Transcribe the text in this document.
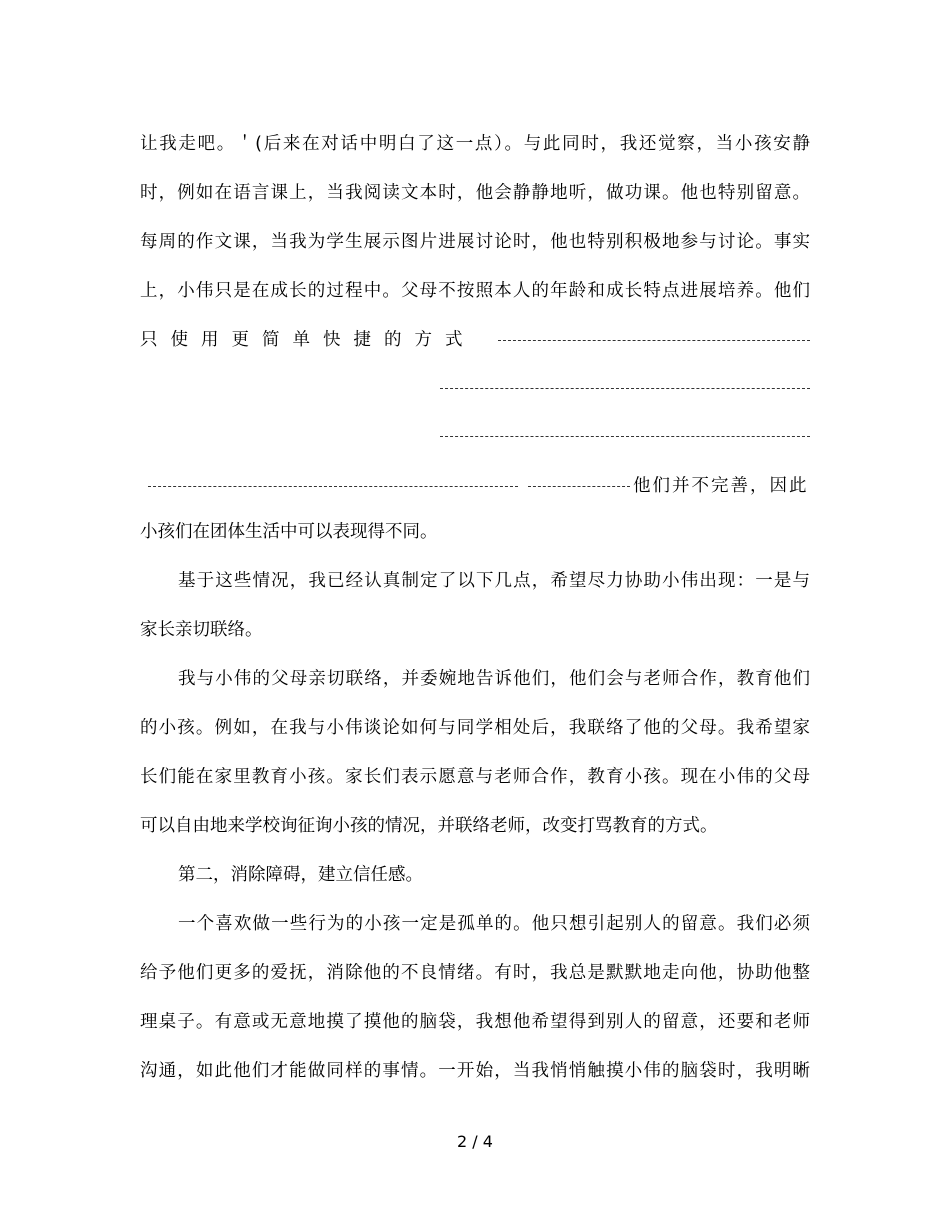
让我走吧。＇(后来在对话中明白了这一点）。与此同时，我还觉察，当小孩安静
时，例如在语言课上，当我阅读文本时，他会静静地听，做功课。他也特别留意。
每周的作文课，当我为学生展示图片进展讨论时，他也特别积极地参与讨论。事实
上，小伟只是在成长的过程中。父母不按照本人的年龄和成长特点进展培养。他们
只使用更简单快捷的方式
他们并不完善，因此
小孩们在团体生活中可以表现得不同。
基于这些情况，我已经认真制定了以下几点，希望尽力协助小伟出现：一是与
家长亲切联络。
我与小伟的父母亲切联络，并委婉地告诉他们，他们会与老师合作，教育他们
的小孩。例如，在我与小伟谈论如何与同学相处后，我联络了他的父母。我希望家
长们能在家里教育小孩。家长们表示愿意与老师合作，教育小孩。现在小伟的父母
可以自由地来学校询征询小孩的情况，并联络老师，改变打骂教育的方式。
第二，消除障碍，建立信任感。
一个喜欢做一些行为的小孩一定是孤单的。他只想引起别人的留意。我们必须
给予他们更多的爱抚，消除他的不良情绪。有时，我总是默默地走向他，协助他整
理桌子。有意或无意地摸了摸他的脑袋，我想他希望得到别人的留意，还要和老师
沟通，如此他们才能做同样的事情。一开始，当我悄悄触摸小伟的脑袋时，我明晰
2 / 4
